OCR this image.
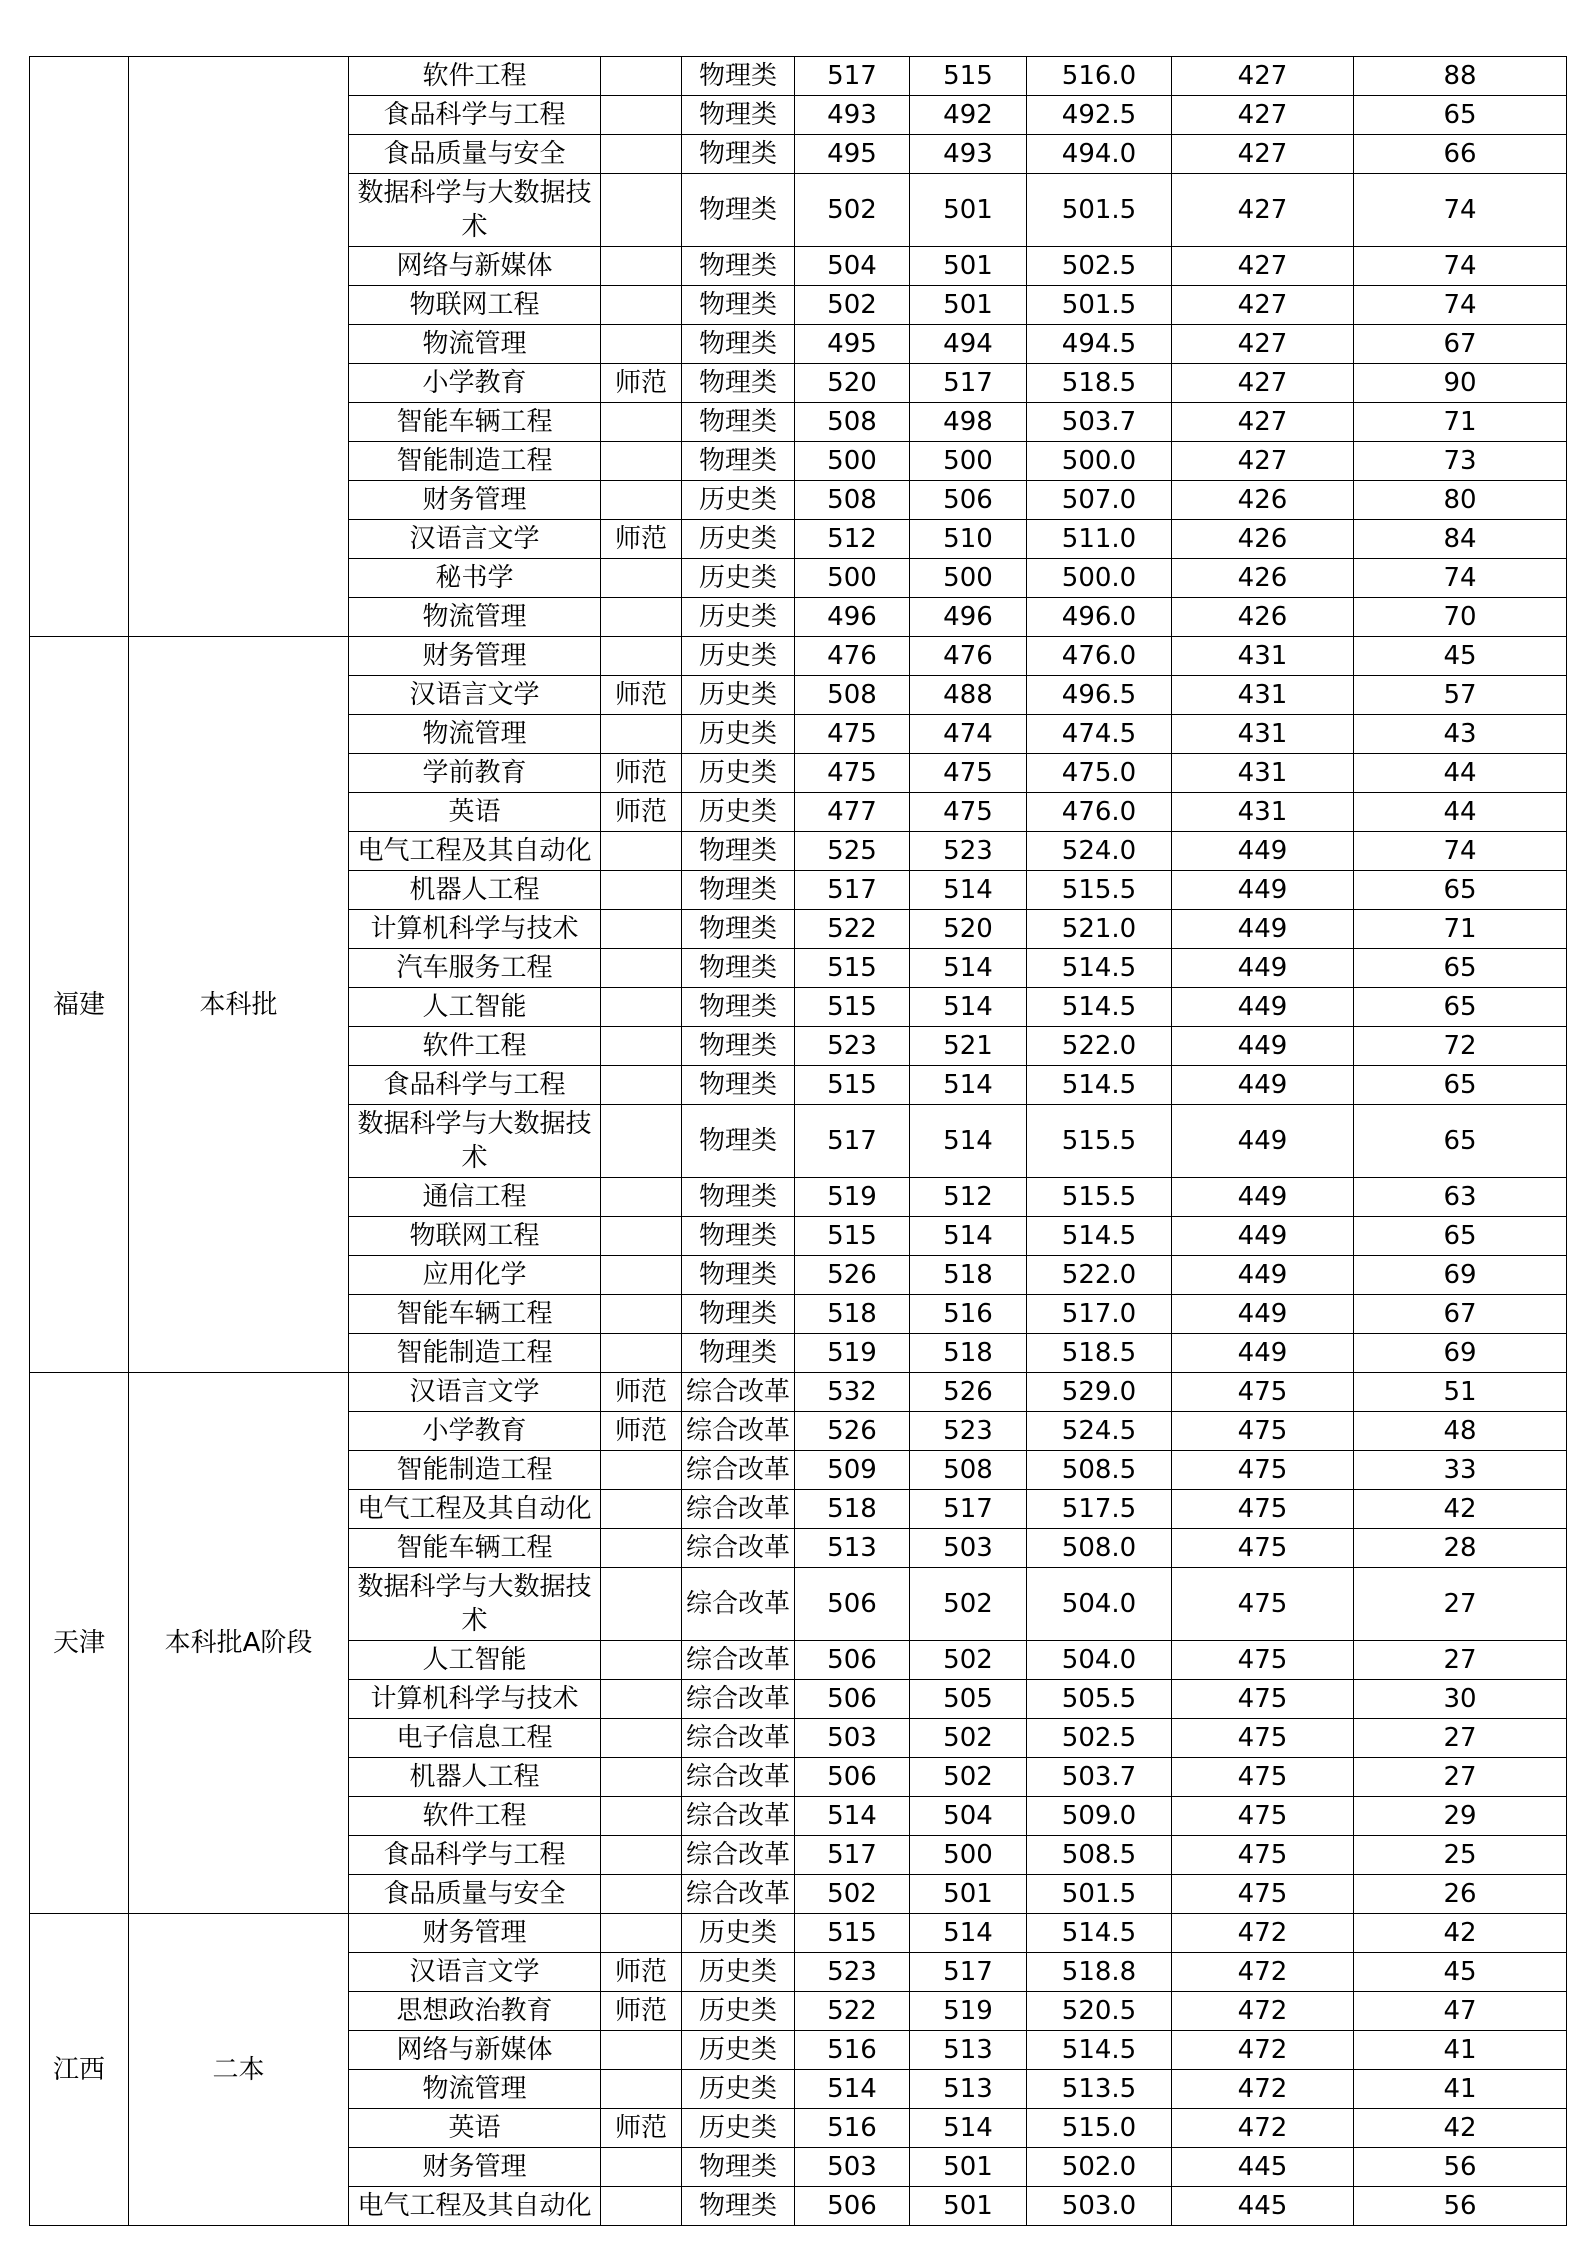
		软件工程		物理类	517	515	516.0	427	88
		食品科学与工程		物理类	493	492	492.5	427	65
		食品质量与安全		物理类	495	493	494.0	427	66
		数据科学与大数据技术		物理类	502	501	501.5	427	74
		网络与新媒体		物理类	504	501	502.5	427	74
		物联网工程		物理类	502	501	501.5	427	74
		物流管理		物理类	495	494	494.5	427	67
		小学教育	师范	物理类	520	517	518.5	427	90
		智能车辆工程		物理类	508	498	503.7	427	71
		智能制造工程		物理类	500	500	500.0	427	73
		财务管理		历史类	508	506	507.0	426	80
		汉语言文学	师范	历史类	512	510	511.0	426	84
		秘书学		历史类	500	500	500.0	426	74
		物流管理		历史类	496	496	496.0	426	70
福建	本科批	财务管理		历史类	476	476	476.0	431	45
		汉语言文学	师范	历史类	508	488	496.5	431	57
		物流管理		历史类	475	474	474.5	431	43
		学前教育	师范	历史类	475	475	475.0	431	44
		英语	师范	历史类	477	475	476.0	431	44
		电气工程及其自动化		物理类	525	523	524.0	449	74
		机器人工程		物理类	517	514	515.5	449	65
		计算机科学与技术		物理类	522	520	521.0	449	71
		汽车服务工程		物理类	515	514	514.5	449	65
		人工智能		物理类	515	514	514.5	449	65
		软件工程		物理类	523	521	522.0	449	72
		食品科学与工程		物理类	515	514	514.5	449	65
		数据科学与大数据技术		物理类	517	514	515.5	449	65
		通信工程		物理类	519	512	515.5	449	63
		物联网工程		物理类	515	514	514.5	449	65
		应用化学		物理类	526	518	522.0	449	69
		智能车辆工程		物理类	518	516	517.0	449	67
		智能制造工程		物理类	519	518	518.5	449	69
天津	本科批A阶段	汉语言文学	师范	综合改革	532	526	529.0	475	51
		小学教育	师范	综合改革	526	523	524.5	475	48
		智能制造工程		综合改革	509	508	508.5	475	33
		电气工程及其自动化		综合改革	518	517	517.5	475	42
		智能车辆工程		综合改革	513	503	508.0	475	28
		数据科学与大数据技术		综合改革	506	502	504.0	475	27
		人工智能		综合改革	506	502	504.0	475	27
		计算机科学与技术		综合改革	506	505	505.5	475	30
		电子信息工程		综合改革	503	502	502.5	475	27
		机器人工程		综合改革	506	502	503.7	475	27
		软件工程		综合改革	514	504	509.0	475	29
		食品科学与工程		综合改革	517	500	508.5	475	25
		食品质量与安全		综合改革	502	501	501.5	475	26
江西	二本	财务管理		历史类	515	514	514.5	472	42
		汉语言文学	师范	历史类	523	517	518.8	472	45
		思想政治教育	师范	历史类	522	519	520.5	472	47
		网络与新媒体		历史类	516	513	514.5	472	41
		物流管理		历史类	514	513	513.5	472	41
		英语	师范	历史类	516	514	515.0	472	42
		财务管理		物理类	503	501	502.0	445	56
		电气工程及其自动化		物理类	506	501	503.0	445	56
